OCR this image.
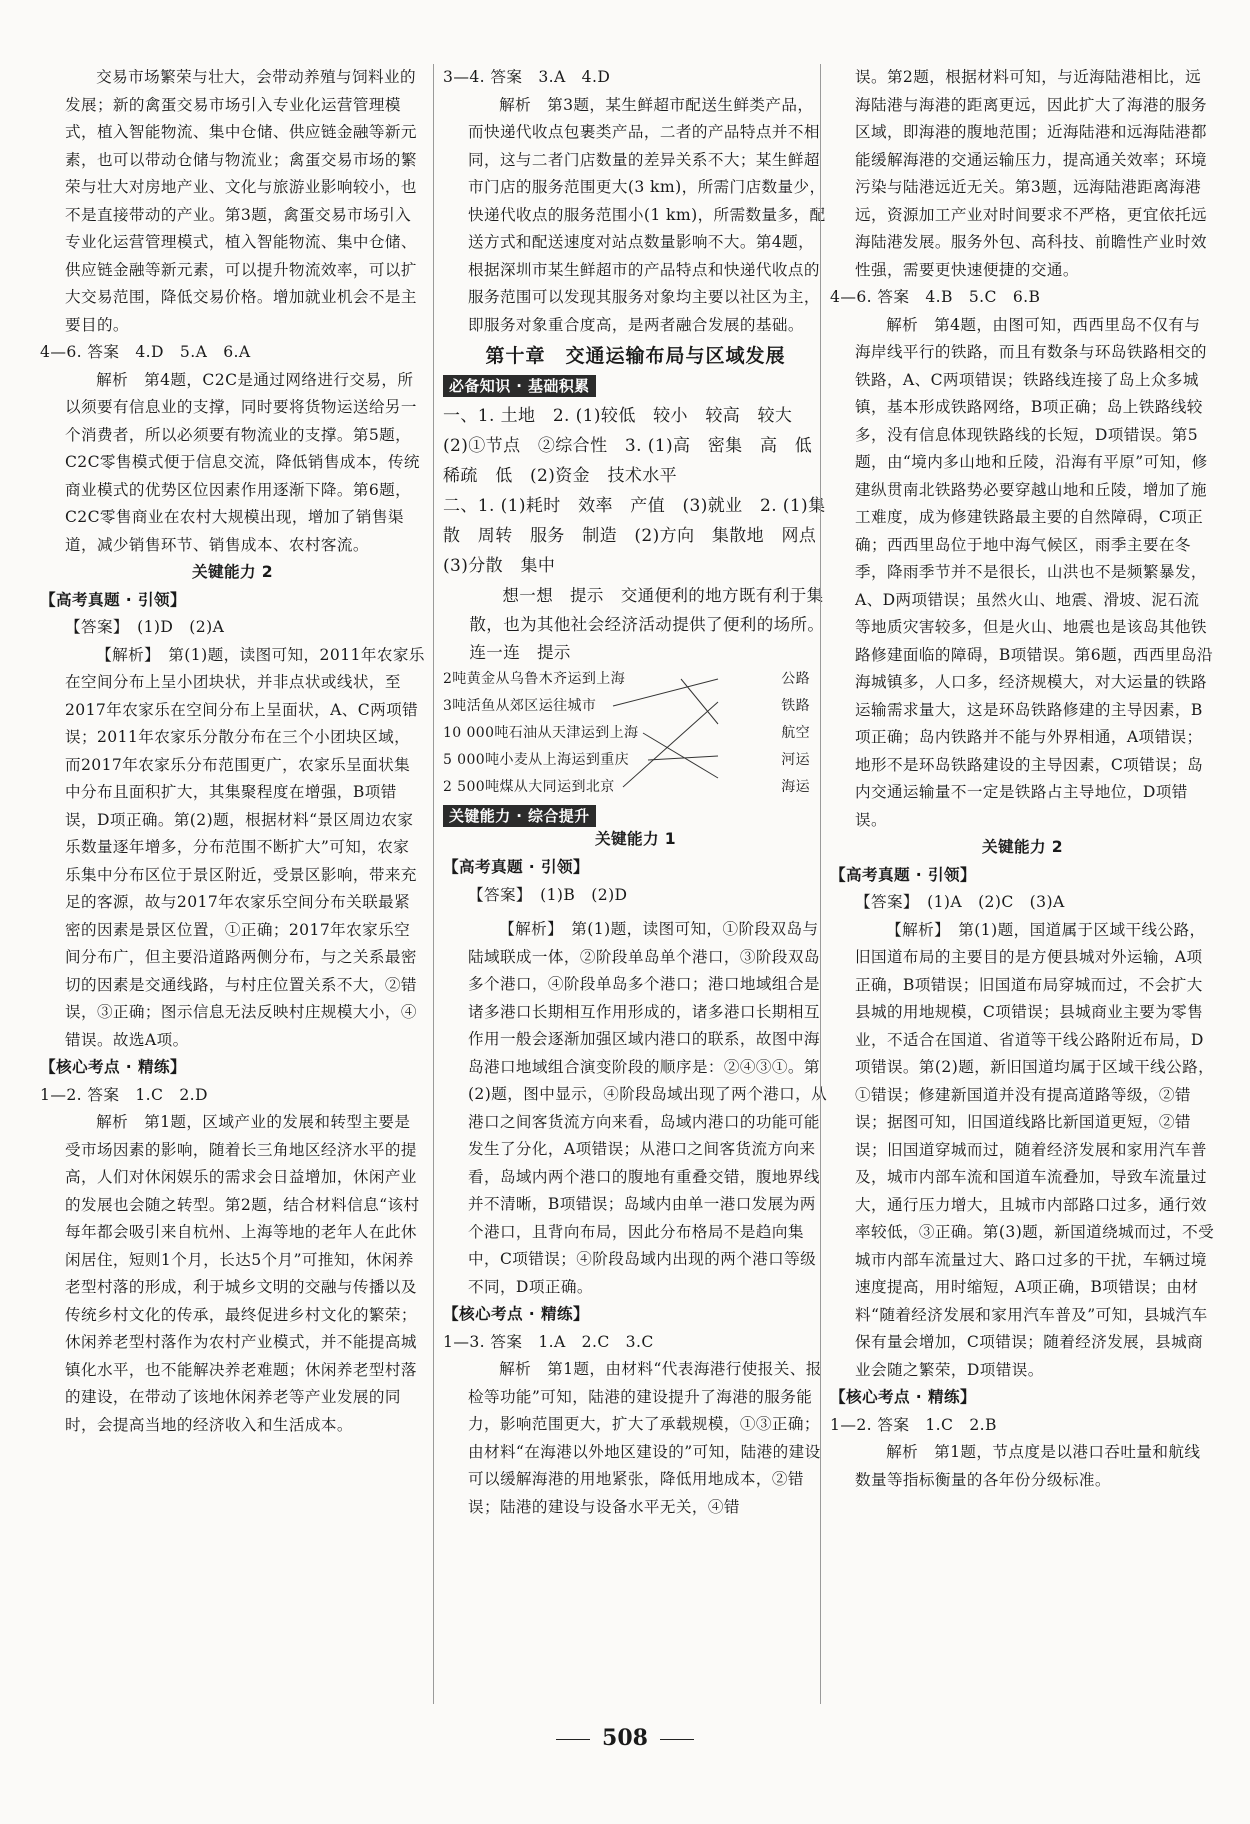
交易市场繁荣与壮大，会带动养殖与饲料业的发展；新的禽蛋交易市场引入专业化运营管理模式，植入智能物流、集中仓储、供应链金融等新元素，也可以带动仓储与物流业；禽蛋交易市场的繁荣与壮大对房地产业、文化与旅游业影响较小，也不是直接带动的产业。第3题，禽蛋交易市场引入专业化运营管理模式，植入智能物流、集中仓储、供应链金融等新元素，可以提升物流效率，可以扩大交易范围，降低交易价格。增加就业机会不是主要目的。

4—6. 答案　4.D　5.A　6.A

解析　第4题，C2C是通过网络进行交易，所以须要有信息业的支撑，同时要将货物运送给另一个消费者，所以必须要有物流业的支撑。第5题，C2C零售模式便于信息交流，降低销售成本，传统商业模式的优势区位因素作用逐渐下降。第6题，C2C零售商业在农村大规模出现，增加了销售渠道，减少销售环节、销售成本、农村客流。

关键能力 2

【高考真题 · 引领】

【答案】　(1)D　(2)A

【解析】　第(1)题，读图可知，2011年农家乐在空间分布上呈小团块状，并非点状或线状，至2017年农家乐在空间分布上呈面状，A、C两项错误；2011年农家乐分散分布在三个小团块区域，而2017年农家乐分布范围更广，农家乐呈面状集中分布且面积扩大，其集聚程度在增强，B项错误，D项正确。第(2)题，根据材料“景区周边农家乐数量逐年增多，分布范围不断扩大”可知，农家乐集中分布区位于景区附近，受景区影响，带来充足的客源，故与2017年农家乐空间分布关联最紧密的因素是景区位置，①正确；2017年农家乐空间分布广，但主要沿道路两侧分布，与之关系最密切的因素是交通线路，与村庄位置关系不大，②错误，③正确；图示信息无法反映村庄规模大小，④错误。故选A项。

【核心考点 · 精练】

1—2. 答案　1.C　2.D

解析　第1题，区域产业的发展和转型主要是受市场因素的影响，随着长三角地区经济水平的提高，人们对休闲娱乐的需求会日益增加，休闲产业的发展也会随之转型。第2题，结合材料信息“该村每年都会吸引来自杭州、上海等地的老年人在此休闲居住，短则1个月，长达5个月”可推知，休闲养老型村落的形成，利于城乡文明的交融与传播以及传统乡村文化的传承，最终促进乡村文化的繁荣；休闲养老型村落作为农村产业模式，并不能提高城镇化水平，也不能解决养老难题；休闲养老型村落的建设，在带动了该地休闲养老等产业发展的同时，会提高当地的经济收入和生活成本。

3—4. 答案　3.A　4.D

解析　第3题，某生鲜超市配送生鲜类产品，而快递代收点包裹类产品，二者的产品特点并不相同，这与二者门店数量的差异关系不大；某生鲜超市门店的服务范围更大(3 km)，所需门店数量少，快递代收点的服务范围小(1 km)，所需数量多，配送方式和配送速度对站点数量影响不大。第4题，根据深圳市某生鲜超市的产品特点和快递代收点的服务范围可以发现其服务对象均主要以社区为主，即服务对象重合度高，是两者融合发展的基础。

第十章　交通运输布局与区域发展

必备知识 · 基础积累

一、1. 土地　2. (1)较低　较小　较高　较大　(2)①节点　②综合性　3. (1)高　密集　高　低　稀疏　低　(2)资金　技术水平

二、1. (1)耗时　效率　产值　(3)就业　2. (1)集散　周转　服务　制造　(2)方向　集散地　网点　(3)分散　集中

想一想　提示　交通便利的地方既有利于集散，也为其他社会经济活动提供了便利的场所。

连一连　提示

2吨黄金从乌鲁木齐运到上海
3吨活鱼从郊区运往城市
10 000吨石油从天津运到上海
5 000吨小麦从上海运到重庆
2 500吨煤从大同运到北京
公路
铁路
航空
河运
海运
关键能力 · 综合提升
关键能力 1
【高考真题 · 引领】
【答案】　(1)B　(2)D

【解析】　第(1)题，读图可知，①阶段双岛与陆域联成一体，②阶段单岛单个港口，③阶段双岛多个港口，④阶段单岛多个港口；港口地域组合是诸多港口长期相互作用形成的，诸多港口长期相互作用一般会逐渐加强区域内港口的联系，故图中海岛港口地域组合演变阶段的顺序是：②④③①。第(2)题，图中显示，④阶段岛域出现了两个港口，从港口之间客货流方向来看，岛域内港口的功能可能发生了分化，A项错误；从港口之间客货流方向来看，岛域内两个港口的腹地有重叠交错，腹地界线并不清晰，B项错误；岛域内由单一港口发展为两个港口，且背向布局，因此分布格局不是趋向集中，C项错误；④阶段岛域内出现的两个港口等级不同，D项正确。

【核心考点 · 精练】

1—3. 答案　1.A　2.C　3.C

解析　第1题，由材料“代表海港行使报关、报检等功能”可知，陆港的建设提升了海港的服务能力，影响范围更大，扩大了承载规模，①③正确；由材料“在海港以外地区建设的”可知，陆港的建设可以缓解海港的用地紧张，降低用地成本，②错误；陆港的建设与设备水平无关，④错

误。第2题，根据材料可知，与近海陆港相比，远海陆港与海港的距离更远，因此扩大了海港的服务区域，即海港的腹地范围；近海陆港和远海陆港都能缓解海港的交通运输压力，提高通关效率；环境污染与陆港远近无关。第3题，远海陆港距离海港远，资源加工产业对时间要求不严格，更宜依托远海陆港发展。服务外包、高科技、前瞻性产业时效性强，需要更快速便捷的交通。

4—6. 答案　4.B　5.C　6.B

解析　第4题，由图可知，西西里岛不仅有与海岸线平行的铁路，而且有数条与环岛铁路相交的铁路，A、C两项错误；铁路线连接了岛上众多城镇，基本形成铁路网络，B项正确；岛上铁路线较多，没有信息体现铁路线的长短，D项错误。第5题，由“境内多山地和丘陵，沿海有平原”可知，修建纵贯南北铁路势必要穿越山地和丘陵，增加了施工难度，成为修建铁路最主要的自然障碍，C项正确；西西里岛位于地中海气候区，雨季主要在冬季，降雨季节并不是很长，山洪也不是频繁暴发，A、D两项错误；虽然火山、地震、滑坡、泥石流等地质灾害较多，但是火山、地震也是该岛其他铁路修建面临的障碍，B项错误。第6题，西西里岛沿海城镇多，人口多，经济规模大，对大运量的铁路运输需求量大，这是环岛铁路修建的主导因素，B项正确；岛内铁路并不能与外界相通，A项错误；地形不是环岛铁路建设的主导因素，C项错误；岛内交通运输量不一定是铁路占主导地位，D项错误。

关键能力 2

【高考真题 · 引领】

【答案】　(1)A　(2)C　(3)A

【解析】　第(1)题，国道属于区域干线公路，旧国道布局的主要目的是方便县城对外运输，A项正确，B项错误；旧国道布局穿城而过，不会扩大县城的用地规模，C项错误；县城商业主要为零售业，不适合在国道、省道等干线公路附近布局，D项错误。第(2)题，新旧国道均属于区域干线公路，①错误；修建新国道并没有提高道路等级，②错误；据图可知，旧国道线路比新国道更短，②错误；旧国道穿城而过，随着经济发展和家用汽车普及，城市内部车流和国道车流叠加，导致车流量过大，通行压力增大，且城市内部路口过多，通行效率较低，③正确。第(3)题，新国道绕城而过，不受城市内部车流量过大、路口过多的干扰，车辆过境速度提高，用时缩短，A项正确，B项错误；由材料“随着经济发展和家用汽车普及”可知，县城汽车保有量会增加，C项错误；随着经济发展，县城商业会随之繁荣，D项错误。

【核心考点 · 精练】

1—2. 答案　1.C　2.B

解析　第1题，节点度是以港口吞吐量和航线数量等指标衡量的各年份分级标准。

508
